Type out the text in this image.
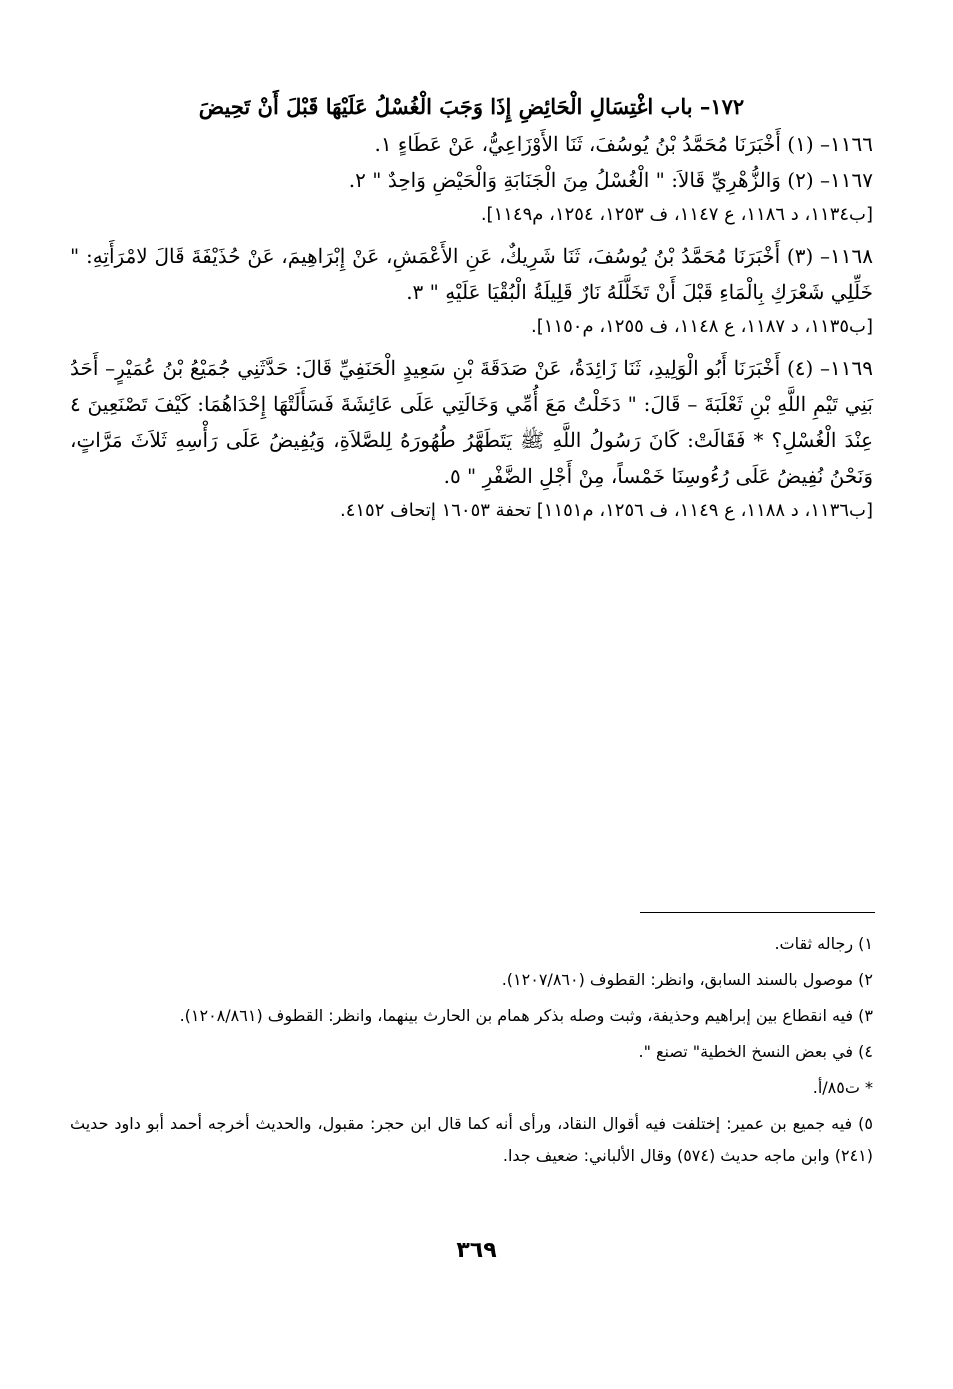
١٧٢– باب اغْتِسَالِ الْحَائِضِ إِذَا وَجَبَ الْغُسْلُ عَلَيْهَا قَبْلَ أَنْ تَحِيضَ

١١٦٦– (١) أَخْبَرَنَا مُحَمَّدُ بْنُ يُوسُفَ، ثَنَا الأَوْزَاعِيُّ، عَنْ عَطَاءٍ ١.

١١٦٧– (٢) وَالزُّهْرِيِّ قَالاَ: " الْغُسْلُ مِنَ الْجَنَابَةِ وَالْحَيْضِ وَاحِدٌ " ٢.

[ب١١٣٤، د ١١٨٦، ع ١١٤٧، ف ١٢٥٣، ١٢٥٤، م١١٤٩].

١١٦٨– (٣) أَخْبَرَنَا مُحَمَّدُ بْنُ يُوسُفَ، ثَنَا شَرِيكٌ، عَنِ الأَعْمَشِ، عَنْ إِبْرَاهِيمَ، عَنْ حُذَيْفَةَ قَالَ لامْرَأَتِهِ: " خَلِّلِي شَعْرَكِ بِالْمَاءِ قَبْلَ أَنْ تَخَلَّلَهُ نَارٌ قَلِيلَةُ الْبُقْيَا عَلَيْهِ " ٣.

[ب١١٣٥، د ١١٨٧، ع ١١٤٨، ف ١٢٥٥، م١١٥٠].

١١٦٩– (٤) أَخْبَرَنَا أَبُو الْوَلِيدِ، ثَنَا زَائِدَةُ، عَنْ صَدَقَةَ بْنِ سَعِيدٍ الْحَنَفِيِّ قَالَ: حَدَّثَنِي جُمَيْعُ بْنُ عُمَيْرٍ– أَحَدُ بَنِي تَيْمِ اللَّهِ بْنِ ثَعْلَبَةَ – قَالَ: " دَخَلْتُ مَعَ أُمِّي وَخَالَتِي عَلَى عَائِشَةَ فَسَأَلَتْهَا إِحْدَاهُمَا: كَيْفَ تَصْنَعِينَ ٤ عِنْدَ الْغُسْلِ؟ * فَقَالَتْ: كَانَ رَسُولُ اللَّهِ ﷺ يَتَطَهَّرُ طُهُورَهُ لِلصَّلاَةِ، وَيُفِيضُ عَلَى رَأْسِهِ ثَلاَثَ مَرَّاتٍ، وَنَحْنُ نُفِيضُ عَلَى رُءُوسِنَا خَمْساً، مِنْ أَجْلِ الضَّفْرِ " ٥.

[ب١١٣٦، د ١١٨٨، ع ١١٤٩، ف ١٢٥٦، م١١٥١] تحفة ١٦٠٥٣ إتحاف ٤١٥٢.

١) رجاله ثقات.

٢) موصول بالسند السابق، وانظر: القطوف (١٢٠٧/٨٦٠).

٣) فيه انقطاع بين إبراهيم وحذيفة، وثبت وصله بذكر همام بن الحارث بينهما، وانظر: القطوف (١٢٠٨/٨٦١).

٤) في بعض النسخ الخطية" تصنع ".

* ت٨٥/أ.

٥) فيه جميع بن عمير: إختلفت فيه أقوال النقاد، ورأى أنه كما قال ابن حجر: مقبول، والحديث أخرجه أحمد أبو داود حديث (٢٤١) وابن ماجه حديث (٥٧٤) وقال الألباني: ضعيف جدا.

٣٦٩
